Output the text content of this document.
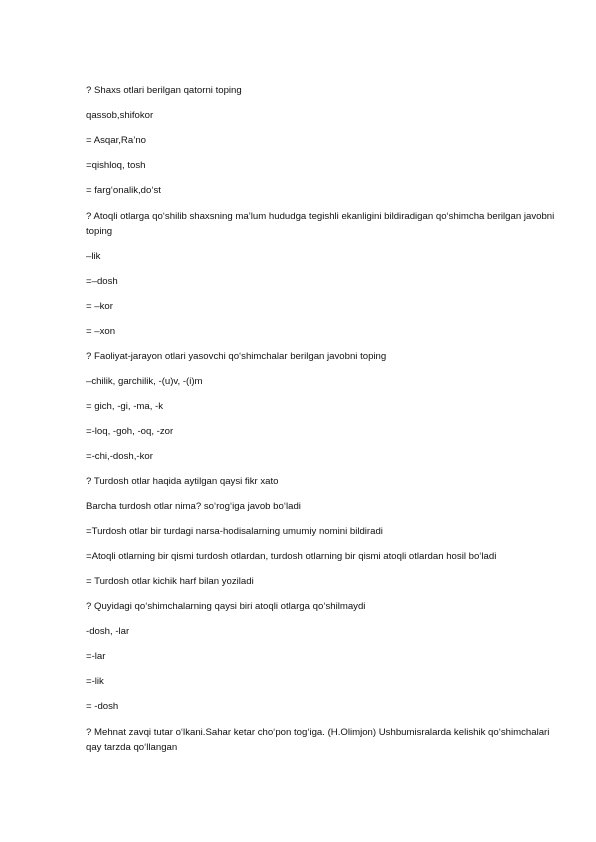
? Shaxs otlari berilgan qatorni toping
qassob,shifokor
= Asqar,Ra’no
=qishloq, tosh
= farg‘onalik,do‘st
? Atoqli otlarga qo‘shilib shaxsning ma’lum hududga tegishli ekanligini bildiradigan qo‘shimcha berilgan javobni toping
–lik
=–dosh
= –kor
= –xon
? Faoliyat-jarayon otlari yasovchi qo‘shimchalar berilgan javobni toping
–chilik, garchilik, -(u)v, -(i)m
= gich, -gi, -ma, -k
=-loq, -goh, -oq, -zor
=-chi,-dosh,-kor
? Turdosh otlar haqida aytilgan qaysi fikr xato
Barcha turdosh otlar nima? so‘rog‘iga javob bo‘ladi
=Turdosh otlar bir turdagi narsa-hodisalarning umumiy nomini bildiradi
=Atoqli otlarning bir qismi turdosh otlardan, turdosh otlarning bir qismi atoqli otlardan hosil bo‘ladi
= Turdosh otlar kichik harf bilan yoziladi
? Quyidagi qo‘shimchalarning qaysi biri atoqli otlarga qo‘shilmaydi
-dosh, -lar
=-lar
=-lik
= -dosh
? Mehnat zavqi tutar o‘lkani.Sahar ketar cho‘pon tog‘iga. (H.Olimjon) Ushbumisralarda kelishik qo‘shimchalari qay tarzda qo‘llangan
